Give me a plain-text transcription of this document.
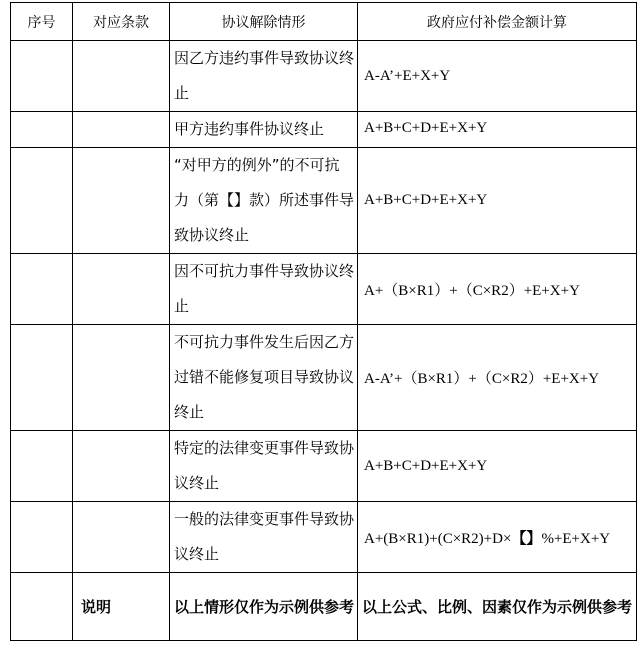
序号	对应条款	协议解除情形	政府应付补偿金额计算
		因乙方违约事件导致协议终止	A-A’+E+X+Y
		甲方违约事件协议终止	A+B+C+D+E+X+Y
		“对甲方的例外”的不可抗力（第【】款）所述事件导致协议终止	A+B+C+D+E+X+Y
		因不可抗力事件导致协议终止	A+（B×R1）+（C×R2）+E+X+Y
		不可抗力事件发生后因乙方过错不能修复项目导致协议终止	A-A’+（B×R1）+（C×R2）+E+X+Y
		特定的法律变更事件导致协议终止	A+B+C+D+E+X+Y
		一般的法律变更事件导致协议终止	A+(B×R1)+(C×R2)+D×【】%+E+X+Y
	说明	以上情形仅作为示例供参考	以上公式、比例、因素仅作为示例供参考
